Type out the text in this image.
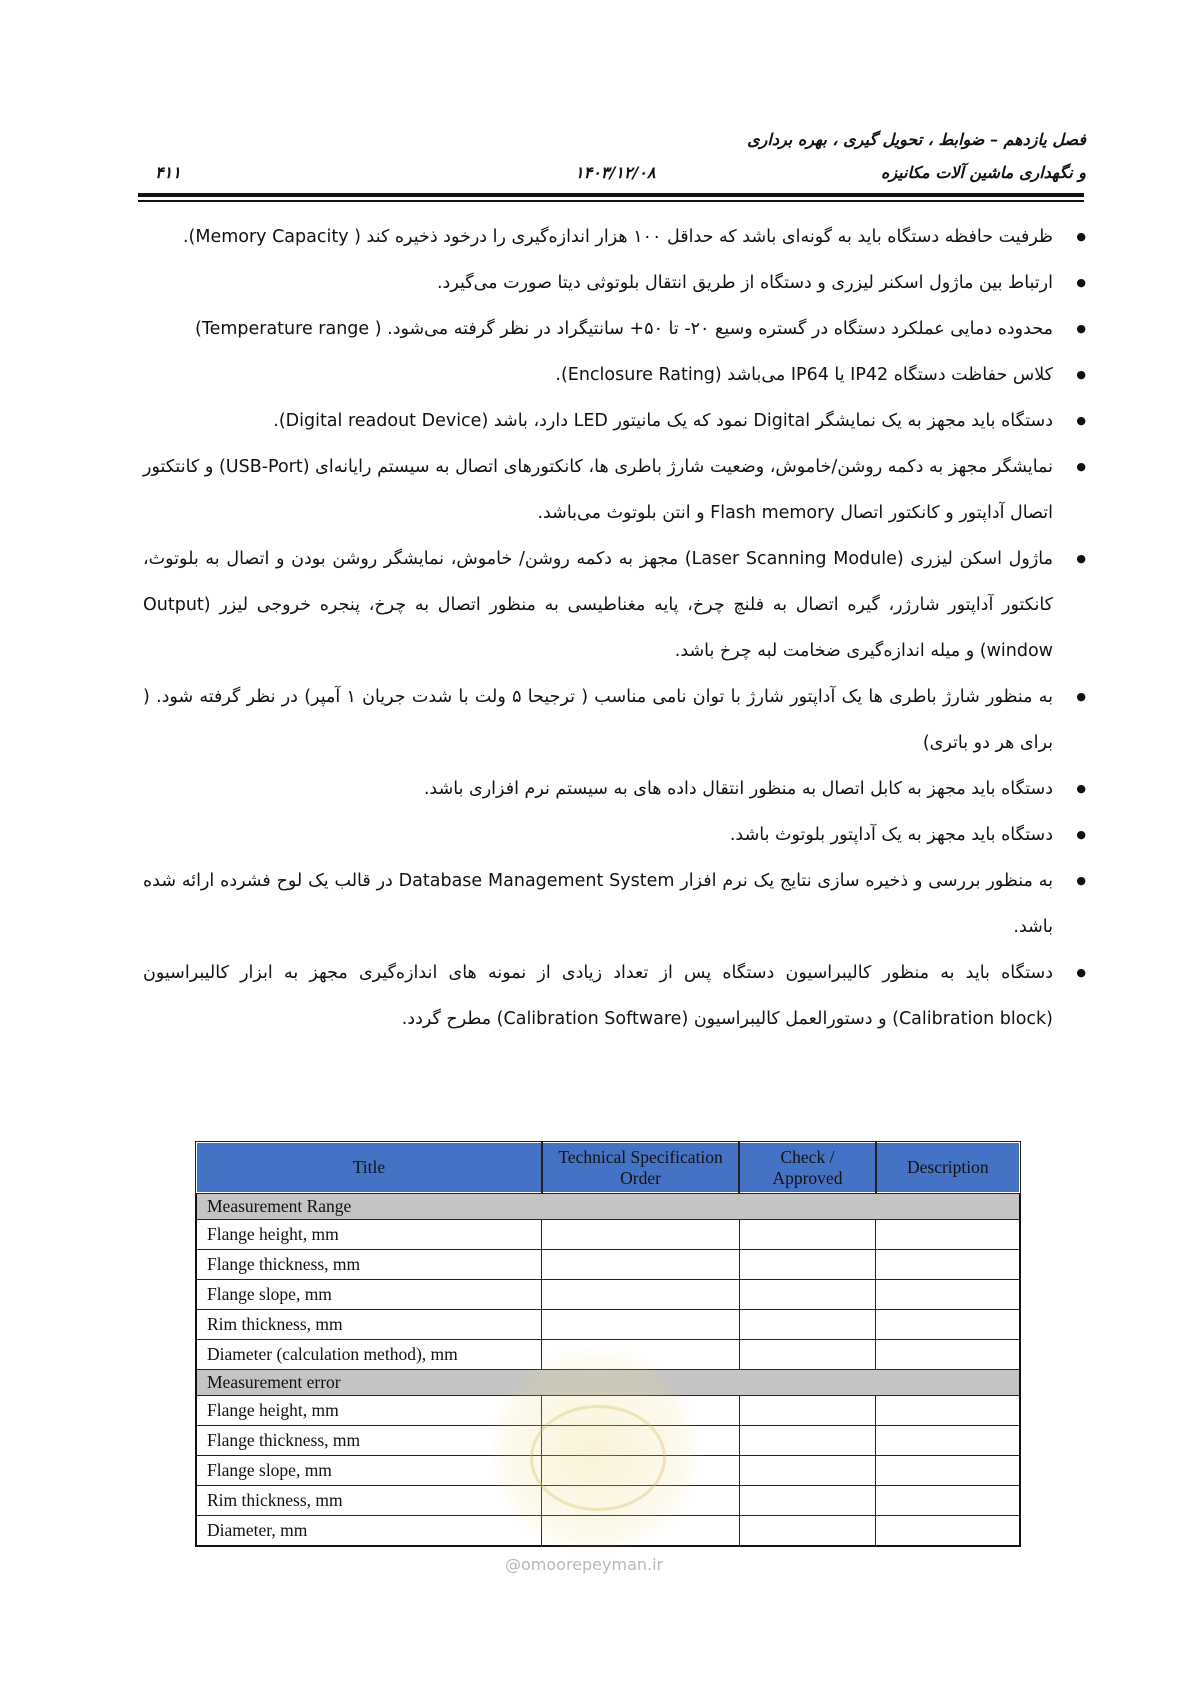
فصل یازدهم – ضوابط ، تحویل گیری ، بهره برداری
و نگهداری ماشین آلات مکانیزه
۱۴۰۳/۱۲/۰۸
۴۱۱
● ظرفیت حافظه دستگاه باید به گونه‌ای باشد که حداقل ۱۰۰ هزار اندازه‌گیری را درخود ذخیره کند ( Memory Capacity).
● ارتباط بین ماژول اسکنر لیزری و دستگاه از طریق انتقال بلوتوثی دیتا صورت می‌گیرد.
● محدوده دمایی عملکرد دستگاه در گستره وسیع ۲۰- تا ۵۰+ سانتیگراد در نظر گرفته می‌شود. ( Temperature range)
● کلاس حفاظت دستگاه IP42 یا IP64 می‌باشد (Enclosure Rating).
● دستگاه باید مجهز به یک نمایشگر Digital نمود که یک مانیتور LED دارد، باشد (Digital readout Device).
● نمایشگر مجهز به دکمه روشن/خاموش، وضعیت شارژ باطری ها، کانکتورهای اتصال به سیستم رایانه‌ای (USB-Port) و کانتکتور اتصال آداپتور و کانکتور اتصال Flash memory و انتن بلوتوث می‌باشد.
● ماژول اسکن لیزری (Laser Scanning Module) مجهز به دکمه روشن/ خاموش، نمایشگر روشن بودن و اتصال به بلوتوث، کانکتور آداپتور شارژر، گیره اتصال به فلنچ چرخ، پایه مغناطیسی به منظور اتصال به چرخ، پنجره خروجی لیزر (Output window) و میله اندازه‌گیری ضخامت لبه چرخ باشد.
● به منظور شارژ باطری ها یک آداپتور شارژ با توان نامی مناسب ( ترجیحا ۵ ولت با شدت جریان ۱ آمپر) در نظر گرفته شود. ( برای هر دو باتری)
● دستگاه باید مجهز به کابل اتصال به منظور انتقال داده های به سیستم نرم افزاری باشد.
● دستگاه باید مجهز به یک آداپتور بلوتوث باشد.
● به منظور بررسی و ذخیره سازی نتایج یک نرم افزار Database Management System در قالب یک لوح فشرده ارائه شده باشد.
● دستگاه باید به منظور کالیبراسیون دستگاه پس از تعداد زیادی از نمونه های اندازه‌گیری مجهز به ابزار کالیبراسیون (Calibration block) و دستورالعمل کالیبراسیون (Calibration Software) مطرح گردد.
Title	Technical Specification Order	Check / Approved	Description
Measurement Range			
Flange height, mm			
Flange thickness, mm			
Flange slope, mm			
Rim thickness, mm			
Diameter (calculation method), mm			
Measurement error			
Flange height, mm			
Flange thickness, mm			
Flange slope, mm			
Rim thickness, mm			
Diameter, mm			
@omoorepeyman.ir
